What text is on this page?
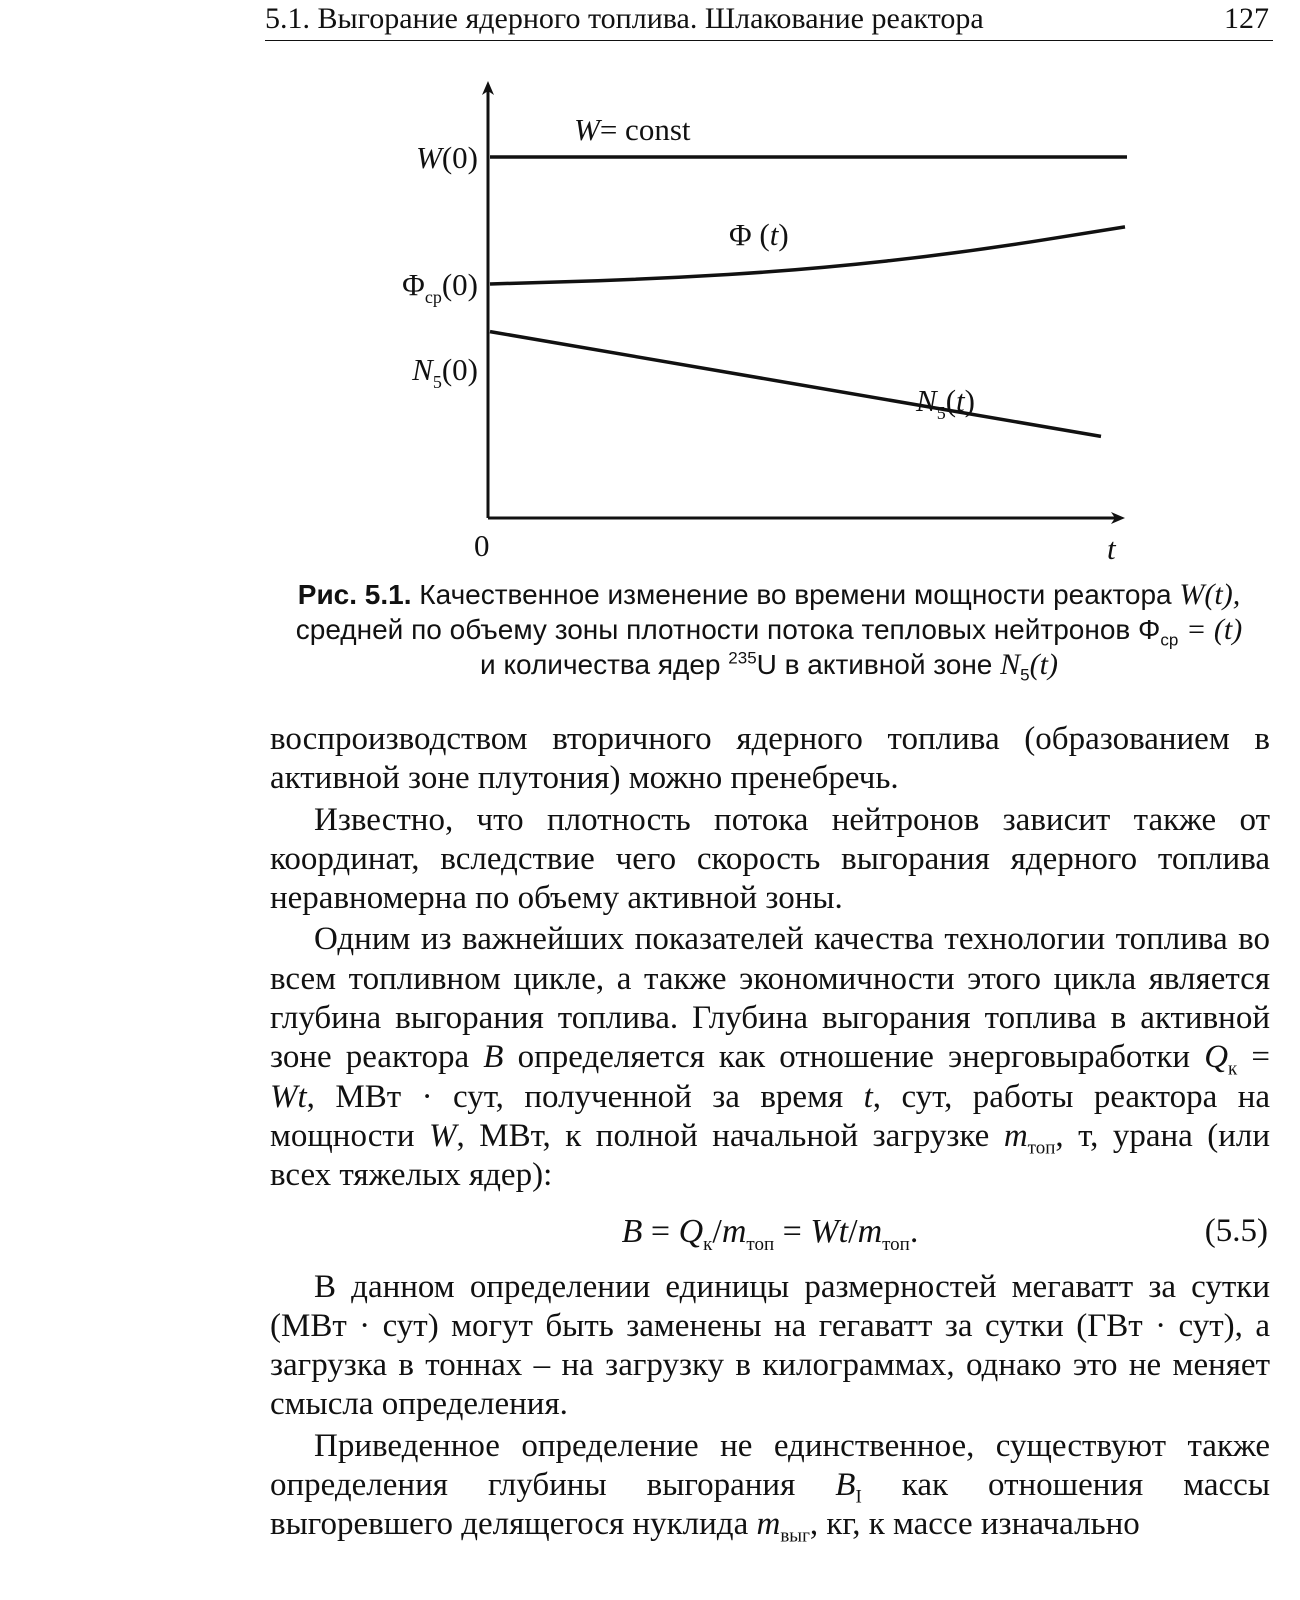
5.1. Выгорание ядерного топлива. Шлакование реактора	127
W(0)
$\Phi_{ср}(0)$
$N_5(0)$
W= const
Φ (t)
$N_5(t)$
0	t
Рис. 5.1. Качественное изменение во времени мощности реактора W(t),
средней по объему зоны плотности потока тепловых нейтронов $\Phi_{ср} = (t)$
и количества ядер $^{235}$U в активной зоне $N_5(t)$

воспроизводством вторичного ядерного топлива (образованием в активной зоне плутония) можно пренебречь.

Известно, что плотность потока нейтронов зависит также от координат, вследствие чего скорость выгорания ядерного топлива неравномерна по объему активной зоны.

Одним из важнейших показателей качества технологии топлива во всем топливном цикле, а также экономичности этого цикла является глубина выгорания топлива. Глубина выгорания топлива в активной зоне реактора B определяется как отношение энерговыработки $Q_к = Wt$, МВт · сут, полученной за время t, сут, работы реактора на мощности W, МВт, к полной начальной загрузке $m_{топ}$, т, урана (или всех тяжелых ядер):

$B = Q_к/m_{топ} = Wt/m_{топ}$.	(5.5)

В данном определении единицы размерностей мегаватт за сутки (МВт · сут) могут быть заменены на гегаватт за сутки (ГВт · сут), а загрузка в тоннах – на загрузку в килограммах, однако это не меняет смысла определения.

Приведенное определение не единственное, существуют также определения глубины выгорания $B_I$ как отношения массы выгоревшего делящегося нуклида $m_{выг}$, кг, к массе изначально
